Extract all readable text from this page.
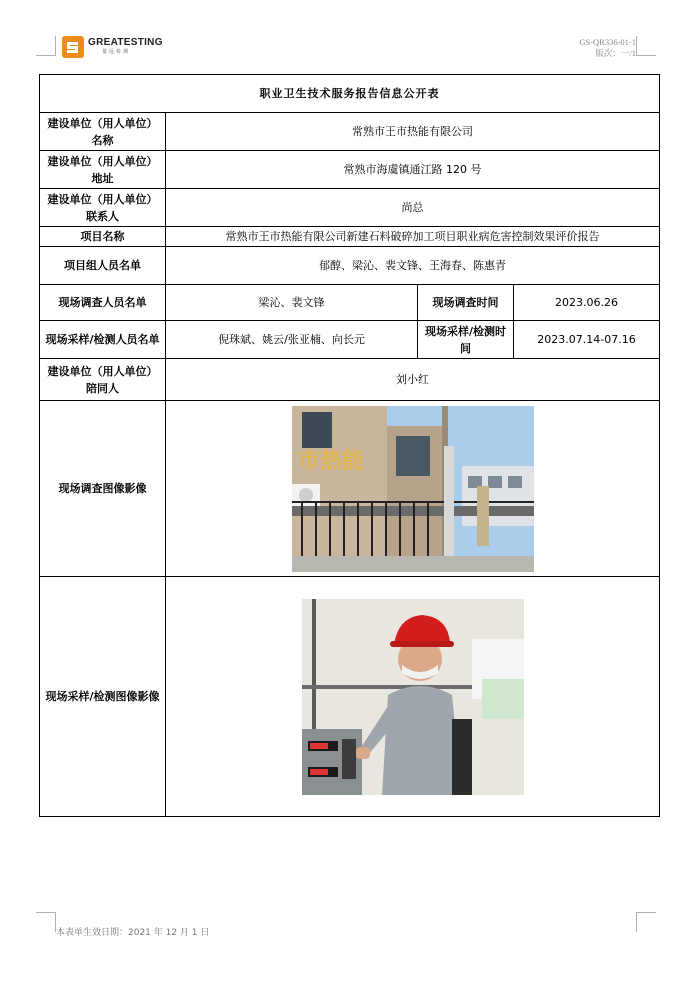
GREATESTING
量远检测
GS-QR336-01-1
版次：一/1
职业卫生技术服务报告信息公开表			
建设单位（用人单位）名称	常熟市王市热能有限公司		
建设单位（用人单位）地址	常熟市海虞镇通江路 120 号		
建设单位（用人单位）联系人	尚总		
项目名称	常熟市王市热能有限公司新建石料破碎加工项目职业病危害控制效果评价报告		
项目组人员名单	郁醇、梁沁、裴文锋、王海春、陈惠青		
现场调查人员名单	梁沁、裴文锋	现场调查时间	2023.06.26
现场采样/检测人员名单	倪珠斌、姚云/张亚楠、向长元	现场采样/检测时间	2023.07.14-07.16
建设单位（用人单位）陪同人	刘小红		
现场调查图像影像	市热能		

现场采样/检测图像影像	
本表单生效日期：2021 年 12 月 1 日
